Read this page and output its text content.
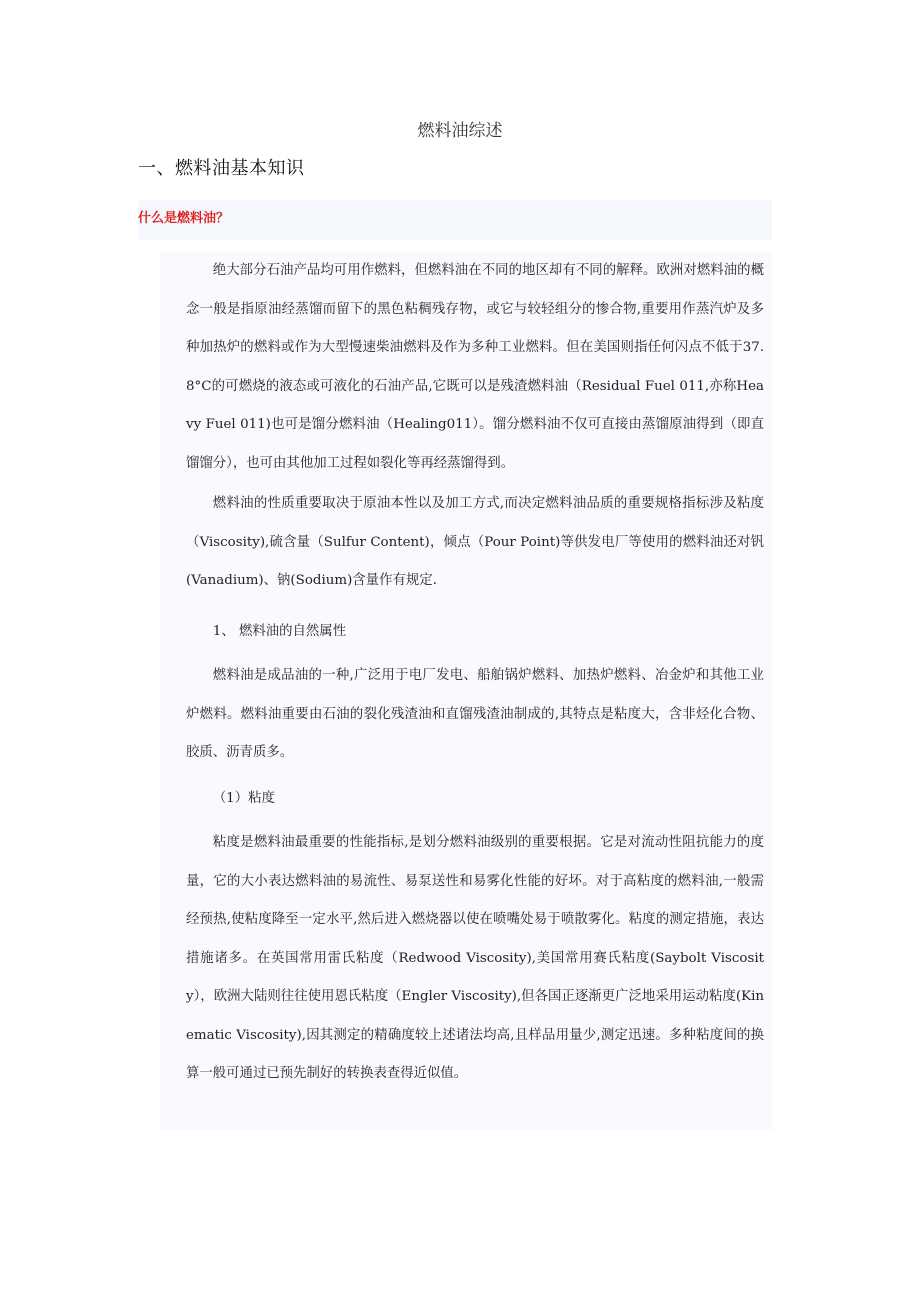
燃料油综述
一、燃料油基本知识
什么是燃料油？

绝大部分石油产品均可用作燃料，但燃料油在不同的地区却有不同的解释。欧洲对燃料油的概念一般是指原油经蒸馏而留下的黑色粘稠残存物，或它与较轻组分的惨合物,重要用作蒸汽炉及多种加热炉的燃料或作为大型慢速柴油燃料及作为多种工业燃料。但在美国则指任何闪点不低于37.8°C的可燃烧的液态或可液化的石油产品,它既可以是残渣燃料油（Residual Fuel 011,亦称Heavy Fuel 011)也可是馏分燃料油（Healing011）。馏分燃料油不仅可直接由蒸馏原油得到（即直馏馏分），也可由其他加工过程如裂化等再经蒸馏得到。

燃料油的性质重要取决于原油本性以及加工方式,而决定燃料油品质的重要规格指标涉及粘度（Viscosity),硫含量（Sulfur Content)，倾点（Pour Point)等供发电厂等使用的燃料油还对钒(Vanadium)、钠(Sodium)含量作有规定.

1、 燃料油的自然属性

燃料油是成品油的一种,广泛用于电厂发电、船舶锅炉燃料、加热炉燃料、冶金炉和其他工业炉燃料。燃料油重要由石油的裂化残渣油和直馏残渣油制成的,其特点是粘度大，含非烃化合物、胶质、沥青质多。

（1）粘度

粘度是燃料油最重要的性能指标,是划分燃料油级别的重要根据。它是对流动性阻抗能力的度量，它的大小表达燃料油的易流性、易泵送性和易雾化性能的好坏。对于高粘度的燃料油,一般需经预热,使粘度降至一定水平,然后进入燃烧器以使在喷嘴处易于喷散雾化。粘度的测定措施，表达措施诸多。在英国常用雷氏粘度（Redwood Viscosity),美国常用赛氏粘度(Saybolt Viscosity），欧洲大陆则往往使用恩氏粘度（Engler Viscosity),但各国正逐渐更广泛地采用运动粘度(Kinematic Viscosity),因其测定的精确度较上述诸法均高,且样品用量少,测定迅速。多种粘度间的换算一般可通过已预先制好的转换表查得近似值。
